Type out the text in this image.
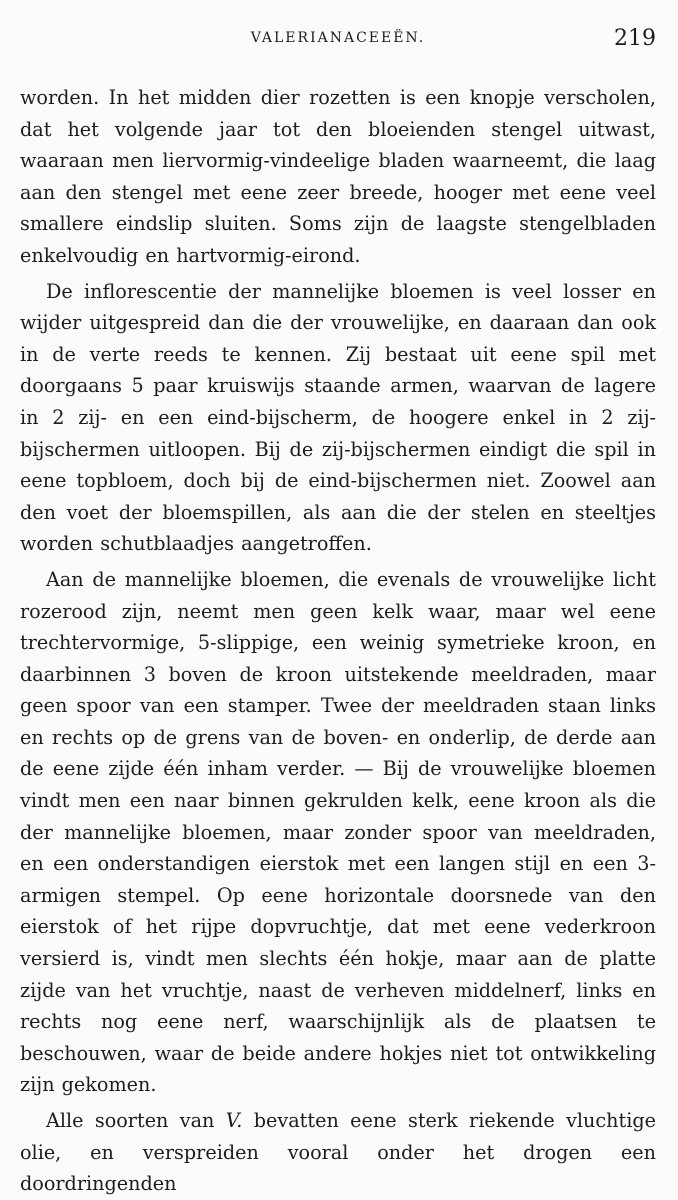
VALERIANACEEËN.	219

worden. In het midden dier rozetten is een knopje verscholen, dat het volgende jaar tot den bloeienden stengel uitwast, waaraan men liervormig-vindeelige bladen waarneemt, die laag aan den stengel met eene zeer breede, hooger met eene veel smallere eindslip sluiten. Soms zijn de laagste stengelbladen enkelvoudig en hartvormig-eirond.

De inflorescentie der mannelijke bloemen is veel losser en wijder uitgespreid dan die der vrouwelijke, en daaraan dan ook in de verte reeds te kennen. Zij bestaat uit eene spil met doorgaans 5 paar kruiswijs staande armen, waarvan de lagere in 2 zij- en een eind-bijscherm, de hoogere enkel in 2 zij-bijschermen uitloopen. Bij de zij-bijschermen eindigt die spil in eene topbloem, doch bij de eind-bijschermen niet. Zoowel aan den voet der bloemspillen, als aan die der stelen en steeltjes worden schutblaadjes aangetroffen.

Aan de mannelijke bloemen, die evenals de vrouwelijke licht rozerood zijn, neemt men geen kelk waar, maar wel eene trechtervormige, 5-slippige, een weinig symetrieke kroon, en daarbinnen 3 boven de kroon uitstekende meeldraden, maar geen spoor van een stamper. Twee der meeldraden staan links en rechts op de grens van de boven- en onderlip, de derde aan de eene zijde één inham verder. — Bij de vrouwelijke bloemen vindt men een naar binnen gekrulden kelk, eene kroon als die der mannelijke bloemen, maar zonder spoor van meeldraden, en een onderstandigen eierstok met een langen stijl en een 3-armigen stempel. Op eene horizontale doorsnede van den eierstok of het rijpe dopvruchtje, dat met eene vederkroon versierd is, vindt men slechts één hokje, maar aan de platte zijde van het vruchtje, naast de verheven middelnerf, links en rechts nog eene nerf, waarschijnlijk als de plaatsen te beschouwen, waar de beide andere hokjes niet tot ontwikkeling zijn gekomen.

Alle soorten van V. bevatten eene sterk riekende vluchtige olie, en verspreiden vooral onder het drogen een doordringenden
